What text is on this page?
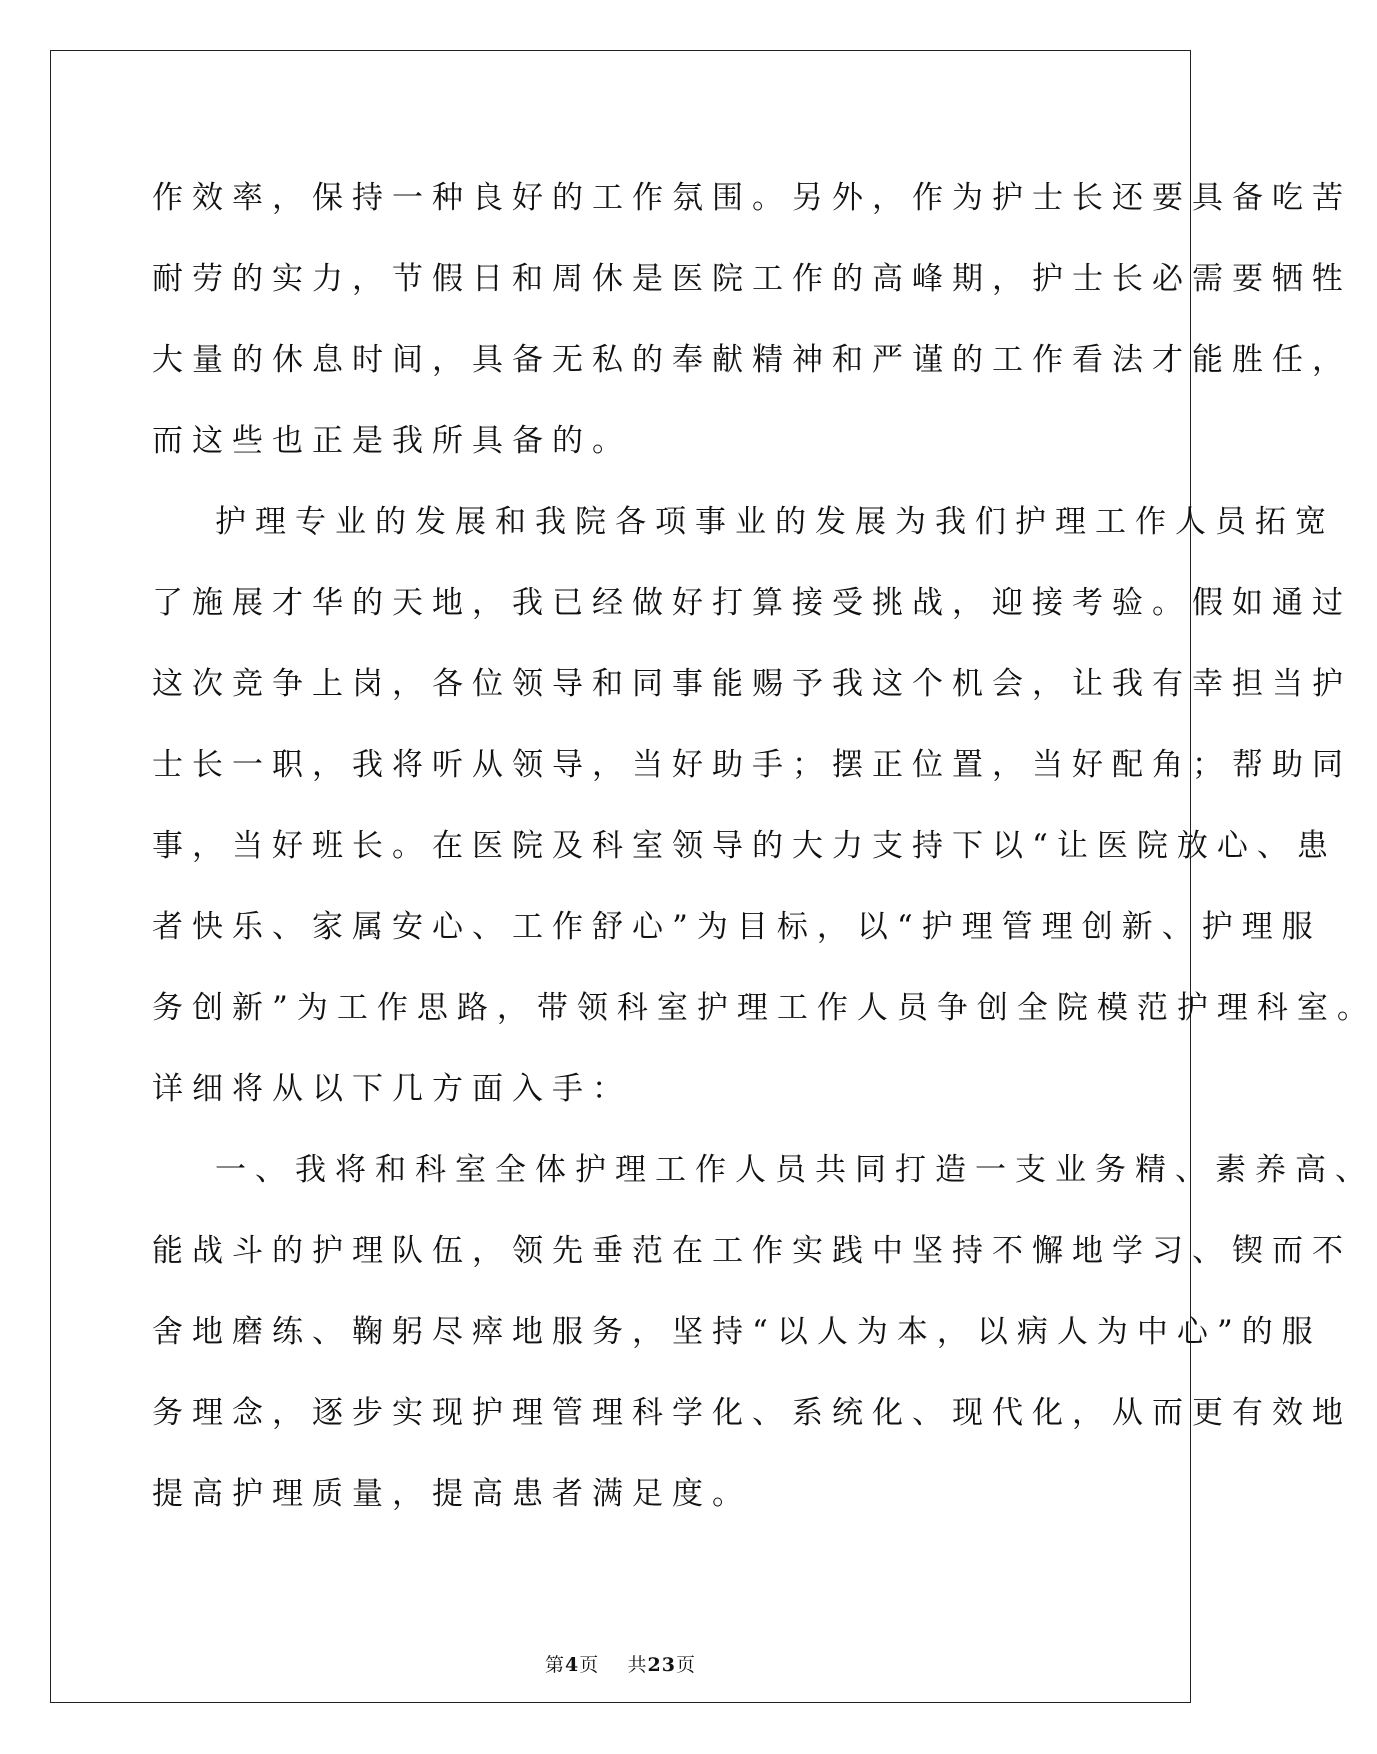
作效率，保持一种良好的工作氛围。另外，作为护士长还要具备吃苦
耐劳的实力，节假日和周休是医院工作的高峰期，护士长必需要牺牲
大量的休息时间，具备无私的奉献精神和严谨的工作看法才能胜任，
而这些也正是我所具备的。
护理专业的发展和我院各项事业的发展为我们护理工作人员拓宽
了施展才华的天地，我已经做好打算接受挑战，迎接考验。假如通过
这次竞争上岗，各位领导和同事能赐予我这个机会，让我有幸担当护
士长一职，我将听从领导，当好助手；摆正位置，当好配角；帮助同
事，当好班长。在医院及科室领导的大力支持下以“让医院放心、患
者快乐、家属安心、工作舒心”为目标，以“护理管理创新、护理服
务创新”为工作思路，带领科室护理工作人员争创全院模范护理科室。
详细将从以下几方面入手：
一、我将和科室全体护理工作人员共同打造一支业务精、素养高、
能战斗的护理队伍，领先垂范在工作实践中坚持不懈地学习、锲而不
舍地磨练、鞠躬尽瘁地服务，坚持“以人为本，以病人为中心”的服
务理念，逐步实现护理管理科学化、系统化、现代化，从而更有效地
提高护理质量，提高患者满足度。
第4页 共23页
